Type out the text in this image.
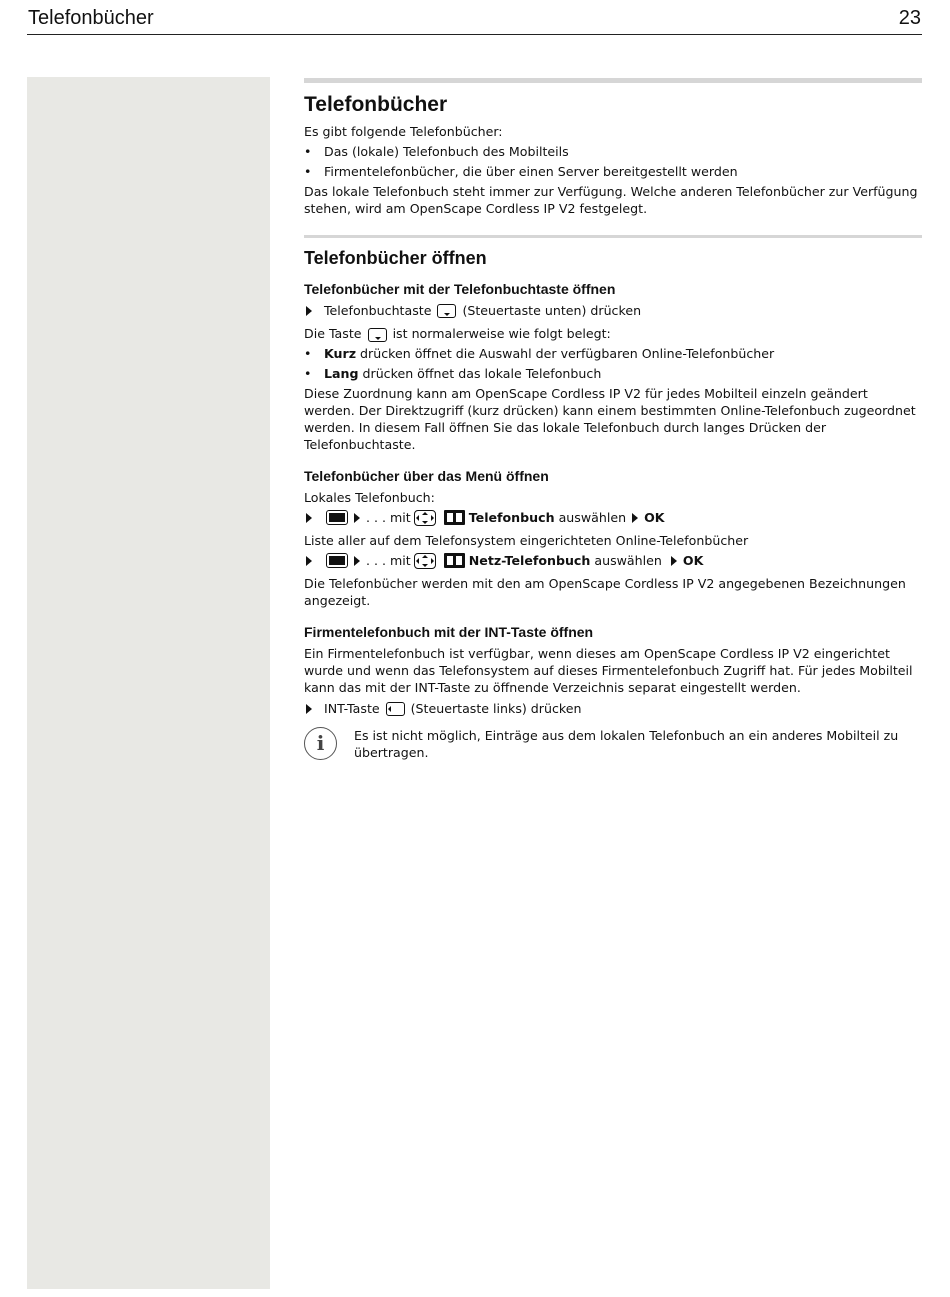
Telefonbücher	23
Telefonbücher

Es gibt folgende Telefonbücher:

• Das (lokale) Telefonbuch des Mobilteils
• Firmentelefonbücher, die über einen Server bereitgestellt werden

Das lokale Telefonbuch steht immer zur Verfügung. Welche anderen Telefonbücher zur Verfügung stehen, wird am OpenScape Cordless IP V2 festgelegt.

Telefonbücher öffnen
Telefonbücher mit der Telefonbuchtaste öffnen
Telefonbuchtaste (Steuertaste unten) drücken

Die Taste ist normalerweise wie folgt belegt:

• Kurz drücken öffnet die Auswahl der verfügbaren Online-Telefonbücher
• Lang drücken öffnet das lokale Telefonbuch

Diese Zuordnung kann am OpenScape Cordless IP V2 für jedes Mobilteil einzeln geändert werden. Der Direktzugriff (kurz drücken) kann einem bestimmten Online-Telefonbuch zugeordnet werden. In diesem Fall öffnen Sie das lokale Telefonbuch durch langes Drücken der Telefonbuchtaste.

Telefonbücher über das Menü öffnen

Lokales Telefonbuch:

. . . mit	Telefonbuch auswählen OK

Liste aller auf dem Telefonsystem eingerichteten Online-Telefonbücher

. . . mit	Netz-Telefonbuch auswählen OK

Die Telefonbücher werden mit den am OpenScape Cordless IP V2 angegebenen Bezeichnungen angezeigt.

Firmentelefonbuch mit der INT-Taste öffnen

Ein Firmentelefonbuch ist verfügbar, wenn dieses am OpenScape Cordless IP V2 eingerichtet wurde und wenn das Telefonsystem auf dieses Firmentelefonbuch Zugriff hat. Für jedes Mobilteil kann das mit der INT-Taste zu öffnende Verzeichnis separat eingestellt werden.

INT-Taste (Steuertaste links) drücken
i	Es ist nicht möglich, Einträge aus dem lokalen Telefonbuch an ein anderes Mobilteil zu übertragen.
